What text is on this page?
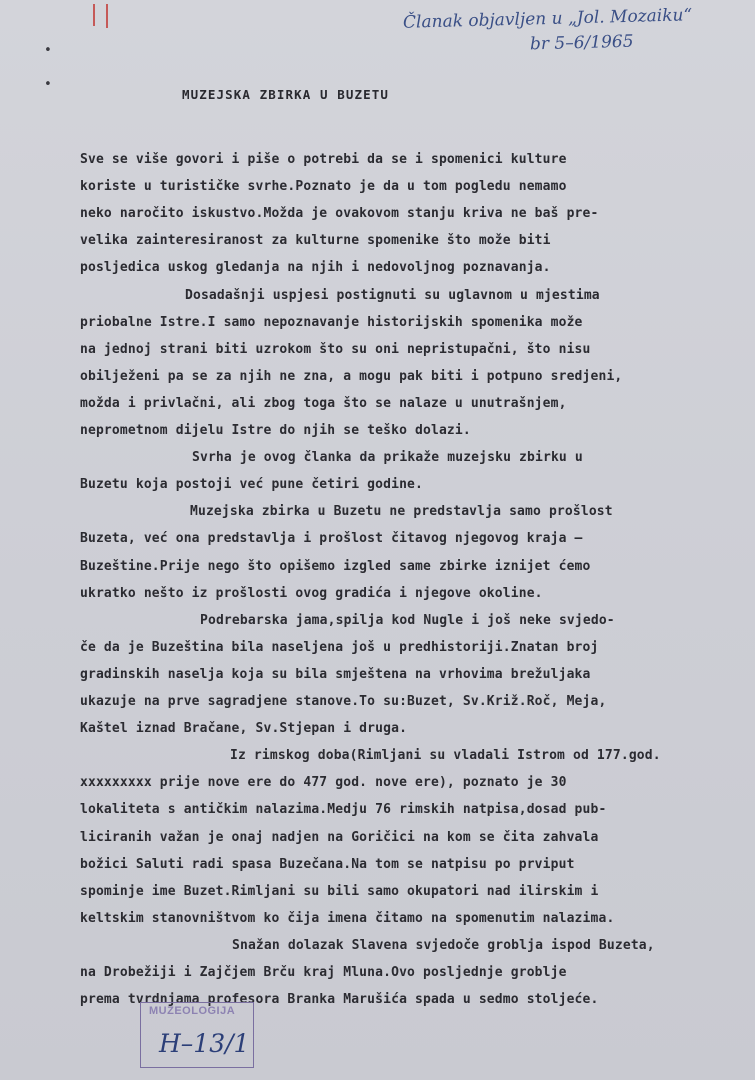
•
•
Članak objavljen u „Jol. Mozaiku“
br 5–6/1965
MUZEJSKA ZBIRKA U BUZETU
Sve se više govori i piše o potrebi da se i spomenici kulture
koriste u turističke svrhe.Poznato je da u tom pogledu nemamo
neko naročito iskustvo.Možda je ovakovom stanju kriva ne baš pre-
velika zainteresiranost za kulturne spomenike što može biti
posljedica uskog gledanja na njih i nedovoljnog poznavanja.
Dosadašnji uspjesi postignuti su uglavnom u mjestima
priobalne Istre.I samo nepoznavanje historijskih spomenika može
na jednoj strani biti uzrokom što su oni nepristupačni, što nisu
obilježeni pa se za njih ne zna, a mogu pak biti i potpuno sredjeni,
možda i privlačni, ali zbog toga što se nalaze u unutrašnjem,
neprometnom dijelu Istre do njih se teško dolazi.
Svrha je ovog članka da prikaže muzejsku zbirku u
Buzetu koja postoji već pune četiri godine.
Muzejska zbirka u Buzetu ne predstavlja samo prošlost
Buzeta, već ona predstavlja i prošlost čitavog njegovog kraja –
Buzeštine.Prije nego što opišemo izgled same zbirke iznijet ćemo
ukratko nešto iz prošlosti ovog gradića i njegove okoline.
Podrebarska jama,spilja kod Nugle i još neke svjedo-
če da je Buzeština bila naseljena još u predhistoriji.Znatan broj
gradinskih naselja koja su bila smještena na vrhovima brežuljaka
ukazuje na prve sagradjene stanove.To su:Buzet, Sv.Križ.Roč, Meja,
Kaštel iznad Bračane, Sv.Stjepan i druga.
Iz rimskog doba(Rimljani su vladali Istrom od 177.god.
xxxxxxxxx prije nove ere do 477 god. nove ere), poznato je 30
lokaliteta s antičkim nalazima.Medju 76 rimskih natpisa,dosad pub-
liciranih važan je onaj nadjen na Goričici na kom se čita zahvala
božici Saluti radi spasa Buzečana.Na tom se natpisu po prviput
spominje ime Buzet.Rimljani su bili samo okupatori nad ilirskim i
keltskim stanovništvom ko čija imena čitamo na spomenutim nalazima.
Snažan dolazak Slavena svjedoče groblja ispod Buzeta,
na Drobežiji i Zajčjem Brču kraj Mluna.Ovo posljednje groblje
prema tvrdnjama profesora Branka Marušića spada u sedmo stoljeće.
MUZEOLOGIJA
H–13/1
